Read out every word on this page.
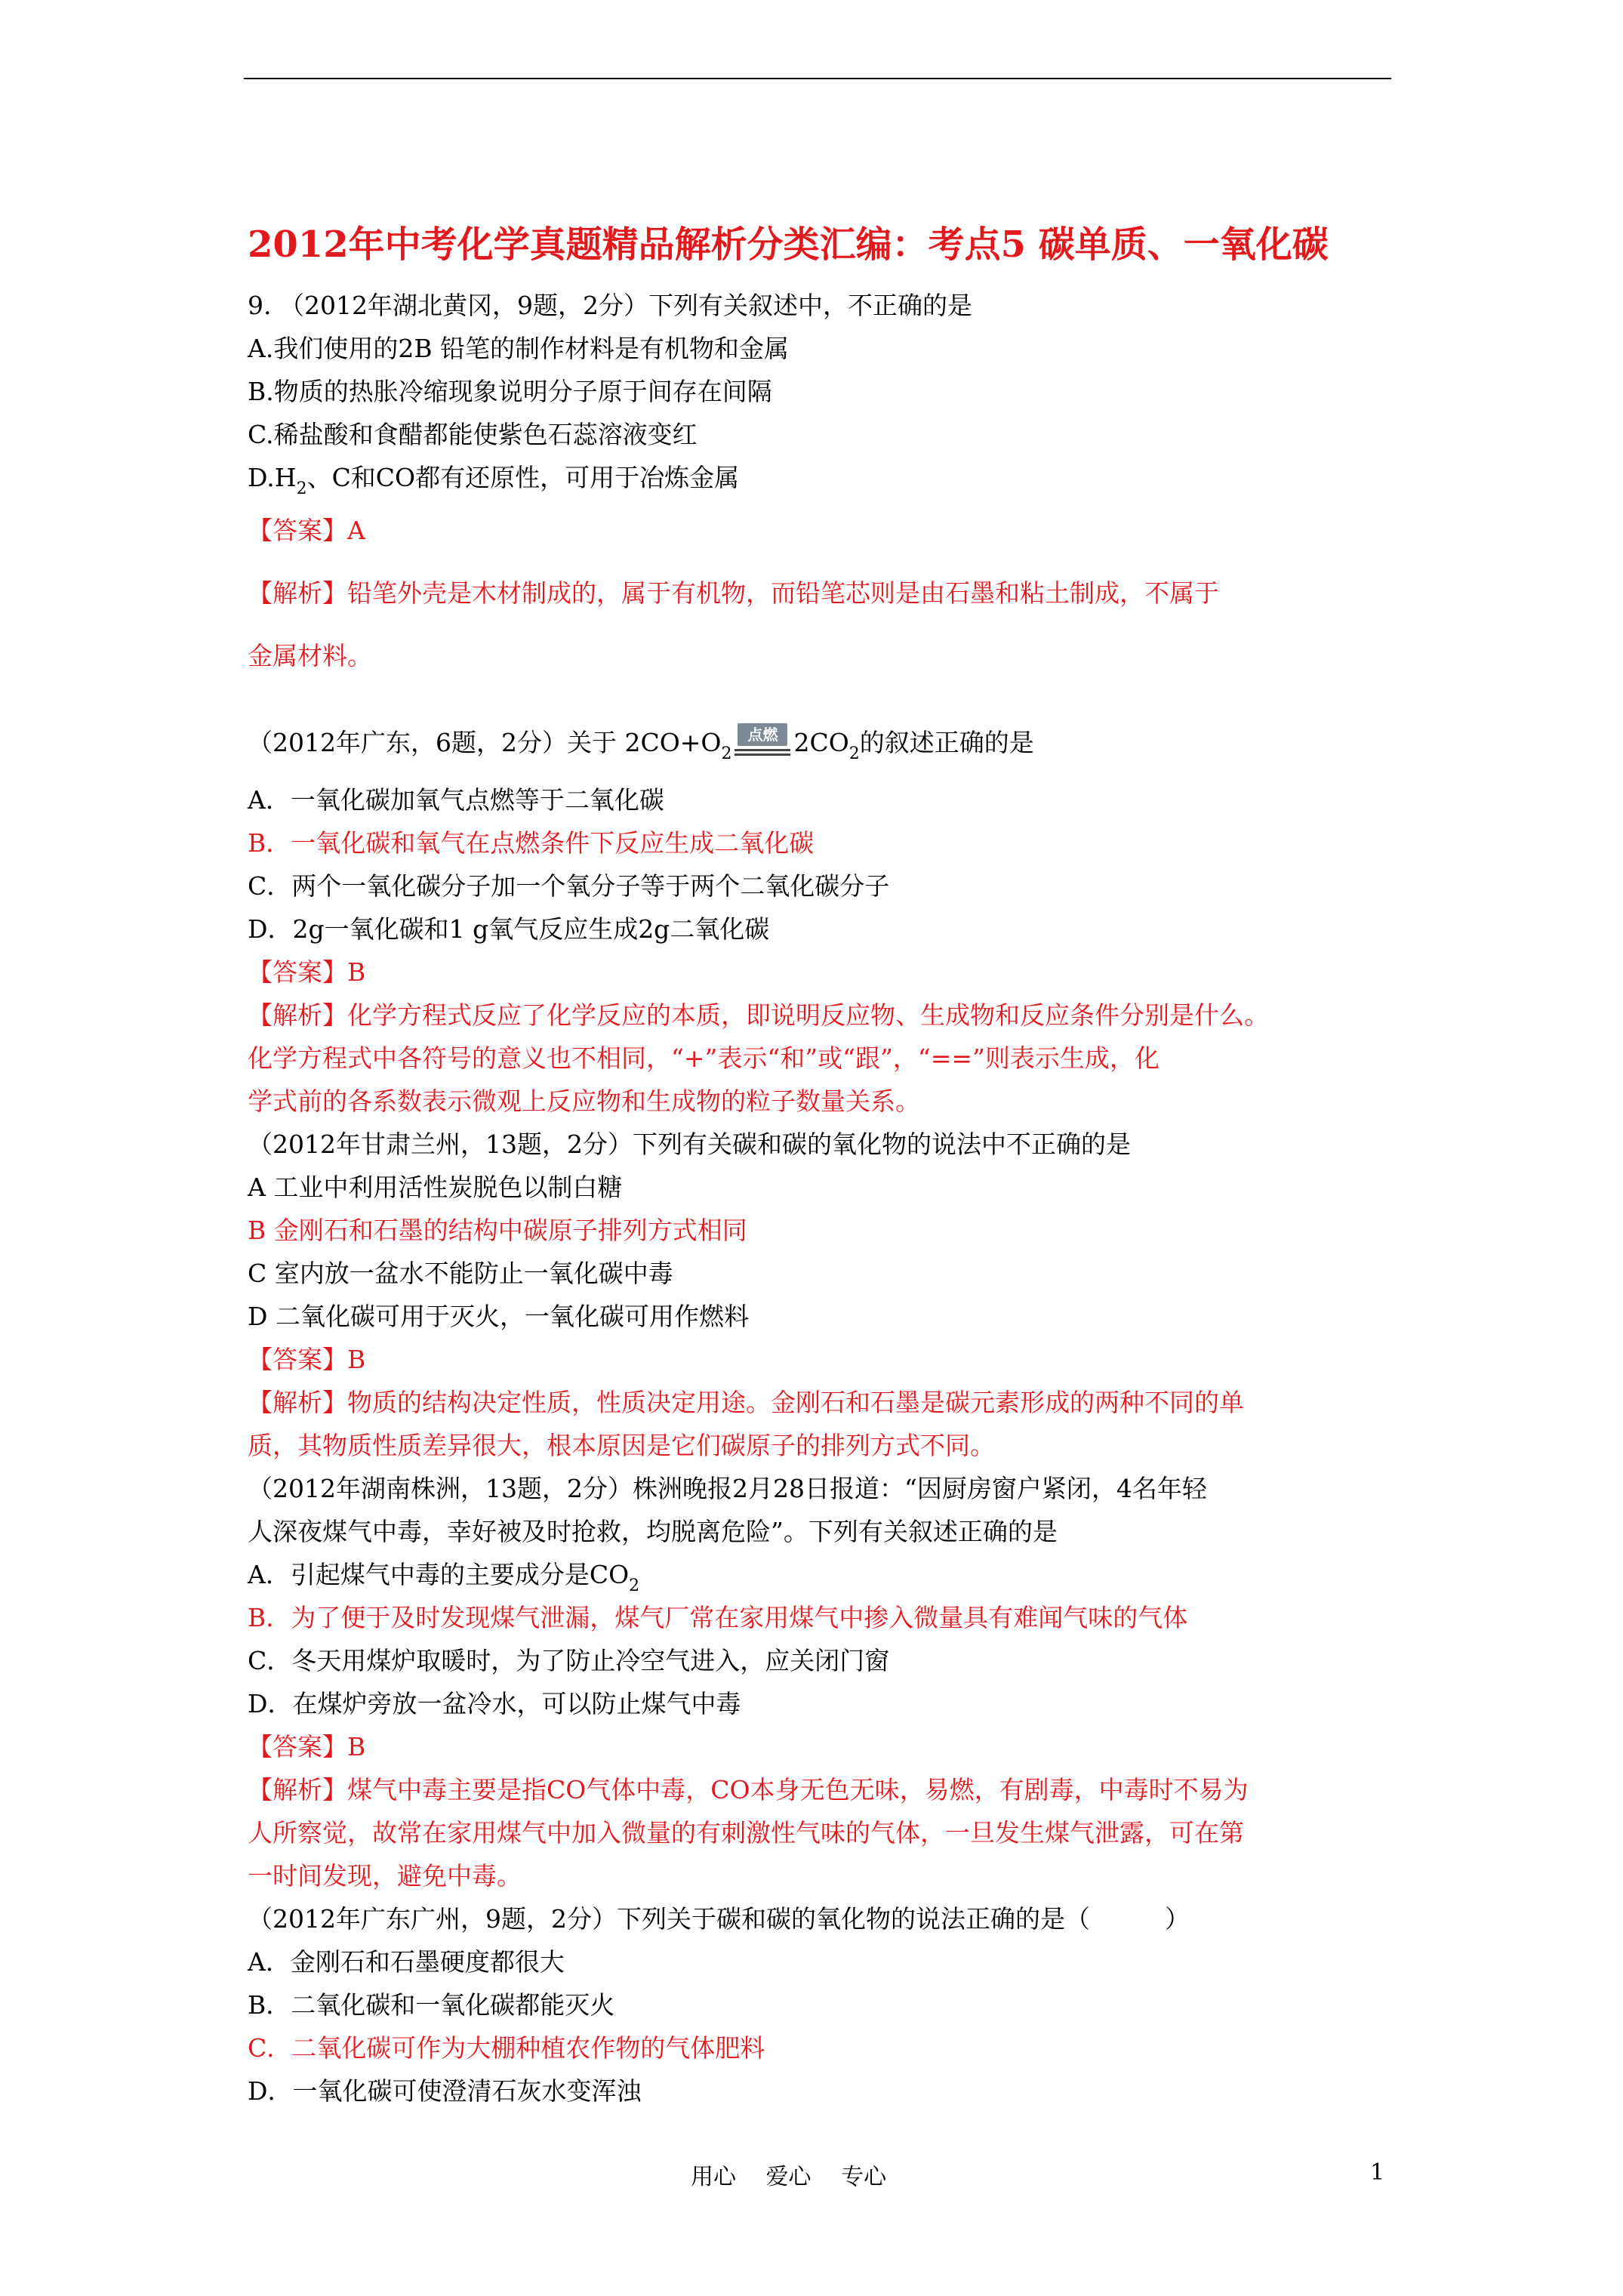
2012年中考化学真题精品解析分类汇编：考点5 碳单质、一氧化碳
9. （2012年湖北黄冈，9题，2分）下列有关叙述中，不正确的是
A.我们使用的2B 铅笔的制作材料是有机物和金属
B.物质的热胀冷缩现象说明分子原于间存在间隔
C.稀盐酸和食醋都能使紫色石蕊溶液变红
$D.H_2$、C和CO都有还原性，可用于冶炼金属
【答案】A
【解析】铅笔外壳是木材制成的，属于有机物，而铅笔芯则是由石墨和粘土制成，不属于
金属材料。
（2012年广东，6题，2分）关于 $2CO+O_2$
点燃 $2CO_2$的叙述正确的是
A．一氧化碳加氧气点燃等于二氧化碳
B．一氧化碳和氧气在点燃条件下反应生成二氧化碳
C．两个一氧化碳分子加一个氧分子等于两个二氧化碳分子
D．2g一氧化碳和1 g氧气反应生成2g二氧化碳
【答案】B
【解析】化学方程式反应了化学反应的本质，即说明反应物、生成物和反应条件分别是什么。
化学方程式中各符号的意义也不相同，“+”表示“和”或“跟”，“==”则表示生成，化
学式前的各系数表示微观上反应物和生成物的粒子数量关系。
（2012年甘肃兰州，13题，2分）下列有关碳和碳的氧化物的说法中不正确的是
A 工业中利用活性炭脱色以制白糖
B 金刚石和石墨的结构中碳原子排列方式相同
C 室内放一盆水不能防止一氧化碳中毒
D 二氧化碳可用于灭火，一氧化碳可用作燃料
【答案】B
【解析】物质的结构决定性质，性质决定用途。金刚石和石墨是碳元素形成的两种不同的单
质，其物质性质差异很大，根本原因是它们碳原子的排列方式不同。
（2012年湖南株洲，13题，2分）株洲晚报2月28日报道：“因厨房窗户紧闭，4名年轻
人深夜煤气中毒，幸好被及时抢救，均脱离危险”。下列有关叙述正确的是
A．引起煤气中毒的主要成分是$CO_2$
B．为了便于及时发现煤气泄漏，煤气厂常在家用煤气中掺入微量具有难闻气味的气体
C．冬天用煤炉取暖时，为了防止冷空气进入，应关闭门窗
D．在煤炉旁放一盆冷水，可以防止煤气中毒
【答案】B
【解析】煤气中毒主要是指CO气体中毒，CO本身无色无味，易燃，有剧毒，中毒时不易为
人所察觉，故常在家用煤气中加入微量的有刺激性气味的气体，一旦发生煤气泄露，可在第
一时间发现，避免中毒。
（2012年广东广州，9题，2分）下列关于碳和碳的氧化物的说法正确的是（　　　）
A．金刚石和石墨硬度都很大
B．二氧化碳和一氧化碳都能灭火
C．二氧化碳可作为大棚种植农作物的气体肥料
D．一氧化碳可使澄清石灰水变浑浊
用心　 爱心　 专心	1
